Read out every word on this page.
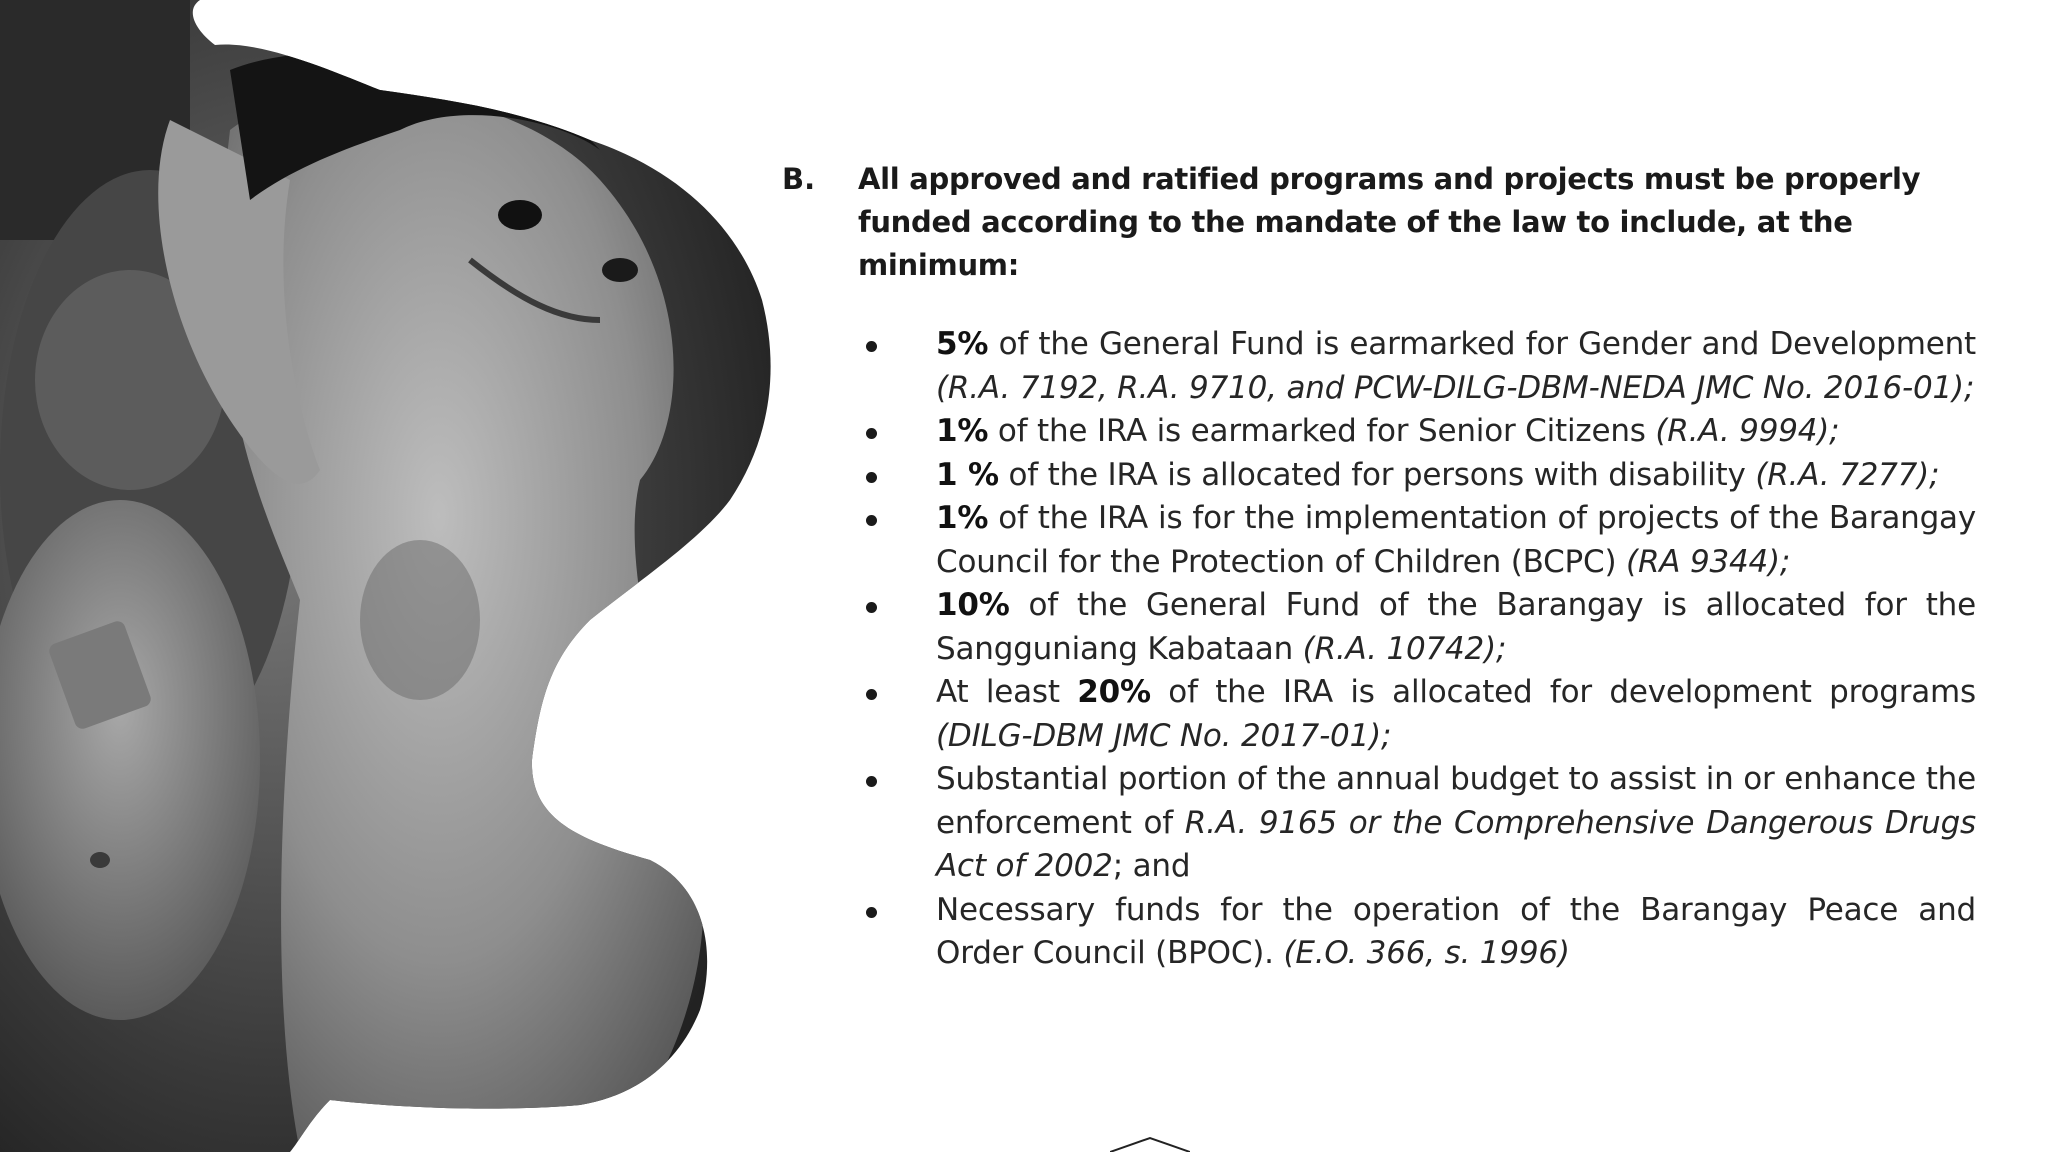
B.	All approved and ratified programs and projects must be properly funded according to the mandate of the law to include, at the minimum:
5% of the General Fund is earmarked for Gender and Development (R.A. 7192, R.A. 9710, and PCW-DILG-DBM-NEDA JMC No. 2016-01);
1% of the IRA is earmarked for Senior Citizens (R.A. 9994);
1 % of the IRA is allocated for persons with disability (R.A. 7277);
1% of the IRA is for the implementation of projects of the Barangay Council for the Protection of Children (BCPC) (RA 9344);
10% of the General Fund of the Barangay is allocated for the Sangguniang Kabataan (R.A. 10742);
At least 20% of the IRA is allocated for development programs (DILG-DBM JMC No. 2017-01);
Substantial portion of the annual budget to assist in or enhance the enforcement of R.A. 9165 or the Comprehensive Dangerous Drugs Act of 2002; and
Necessary funds for the operation of the Barangay Peace and Order Council (BPOC). (E.O. 366, s. 1996)
